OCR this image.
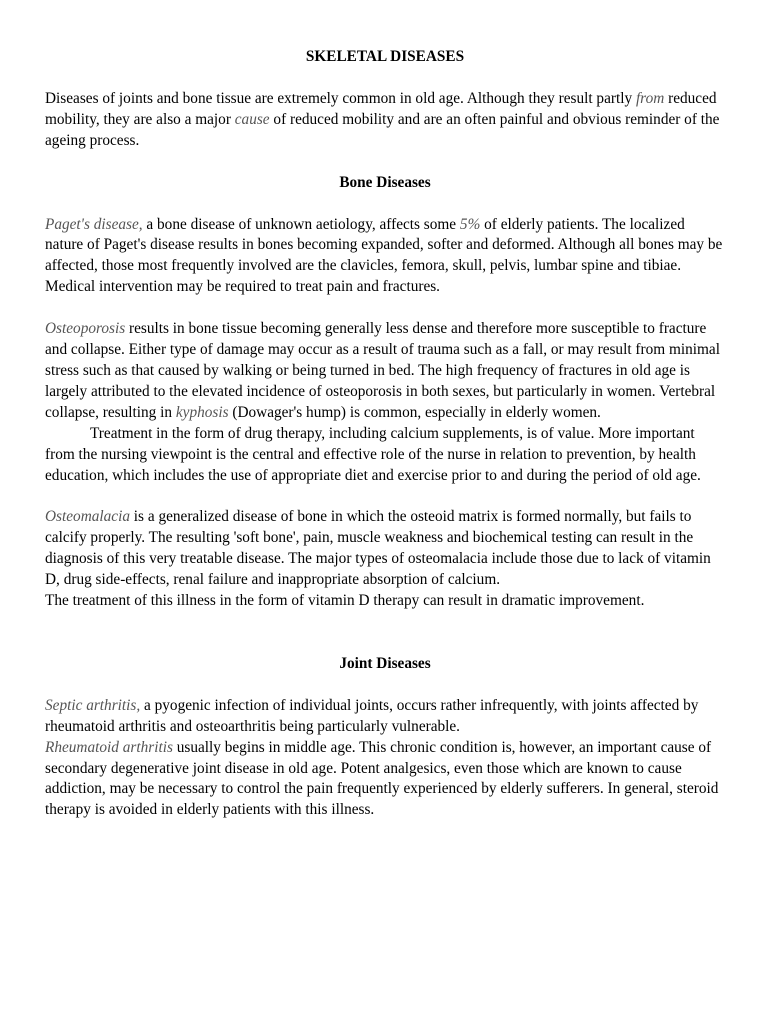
SKELETAL DISEASES

Diseases of joints and bone tissue are extremely common in old age. Although they result partly from reduced mobility, they are also a major cause of reduced mobility and are an often painful and obvious reminder of the ageing process.

Bone Diseases

Paget's disease, a bone disease of unknown aetiology, affects some 5% of elderly patients. The localized nature of Paget's disease results in bones becoming expanded, softer and deformed. Although all bones may be affected, those most frequently involved are the clavicles, femora, skull, pelvis, lumbar spine and tibiae. Medical intervention may be required to treat pain and fractures.

Osteoporosis results in bone tissue becoming generally less dense and therefore more susceptible to fracture and collapse. Either type of damage may occur as a result of trauma such as a fall, or may result from minimal stress such as that caused by walking or being turned in bed. The high frequency of fractures in old age is largely attributed to the elevated incidence of osteoporosis in both sexes, but particularly in women. Vertebral collapse, resulting in kyphosis (Dowager's hump) is common, especially in elderly women.

Treatment in the form of drug therapy, including calcium supplements, is of value. More important from the nursing viewpoint is the central and effective role of the nurse in relation to prevention, by health education, which includes the use of appropriate diet and exercise prior to and during the period of old age.

Osteomalacia is a generalized disease of bone in which the osteoid matrix is formed normally, but fails to calcify properly. The resulting 'soft bone', pain, muscle weakness and biochemical testing can result in the diagnosis of this very treatable disease. The major types of osteomalacia include those due to lack of vitamin D, drug side-effects, renal failure and inappropriate absorption of calcium.

The treatment of this illness in the form of vitamin D therapy can result in dramatic improvement.

Joint Diseases

Septic arthritis, a pyogenic infection of individual joints, occurs rather infrequently, with joints affected by rheumatoid arthritis and osteoarthritis being particularly vulnerable.

Rheumatoid arthritis usually begins in middle age. This chronic condition is, however, an important cause of secondary degenerative joint disease in old age. Potent analgesics, even those which are known to cause addiction, may be necessary to control the pain frequently experienced by elderly sufferers. In general, steroid therapy is avoided in elderly patients with this illness.
